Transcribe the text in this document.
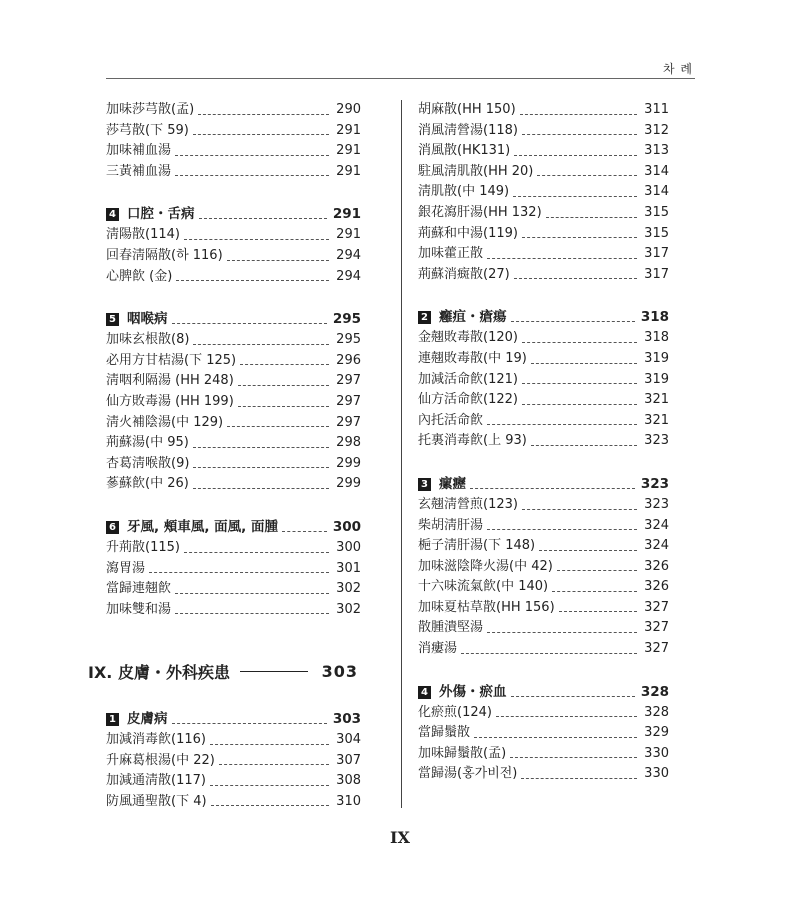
차 례
加味莎芎散(孟)	290
莎芎散(下 59)	291
加味補血湯	291
三黃補血湯	291
4 口腔・舌病	291
淸陽散(114)	291
回春淸隔散(하 116)	294
心脾飮 (金)	294
5 咽喉病	295
加味玄根散(8)	295
必用方甘桔湯(下 125)	296
淸咽利隔湯 (HH 248)	297
仙方敗毒湯 (HH 199)	297
淸火補陰湯(中 129)	297
荊蘇湯(中 95)	298
杏葛淸喉散(9)	299
蔘蘇飮(中 26)	299
6 牙風, 頰車風, 面風, 面腫	300
升荊散(115)	300
瀉胃湯	301
當歸連翹飮	302
加味雙和湯	302
IX. 皮膚・外科疾患	303
1 皮膚病	303
加減消毒飮(116)	304
升麻葛根湯(中 22)	307
加減通淸散(117)	308
防風通聖散(下 4)	310
胡麻散(HH 150)	311
消風淸營湯(118)	312
消風散(HK131)	313
駐風淸肌散(HH 20)	314
淸肌散(中 149)	314
銀花瀉肝湯(HH 132)	315
荊蘇和中湯(119)	315
加味藿正散	317
荊蘇消癍散(27)	317
2 癰疽・瘡瘍	318
金翹敗毒散(120)	318
連翹敗毒散(中 19)	319
加減活命飮(121)	319
仙方活命飮(122)	321
內托活命飮	321
托裏消毒飮(上 93)	323
3 瘰癧	323
玄翹淸營煎(123)	323
柴胡淸肝湯	324
梔子淸肝湯(下 148)	324
加味滋陰降火湯(中 42)	326
十六味流氣飮(中 140)	326
加味夏枯草散(HH 156)	327
散腫潰堅湯	327
消瘻湯	327
4 外傷・瘀血	328
化瘀煎(124)	328
當歸鬚散	329
加味歸鬚散(孟)	330
當歸湯(홍가비전)	330
IX
